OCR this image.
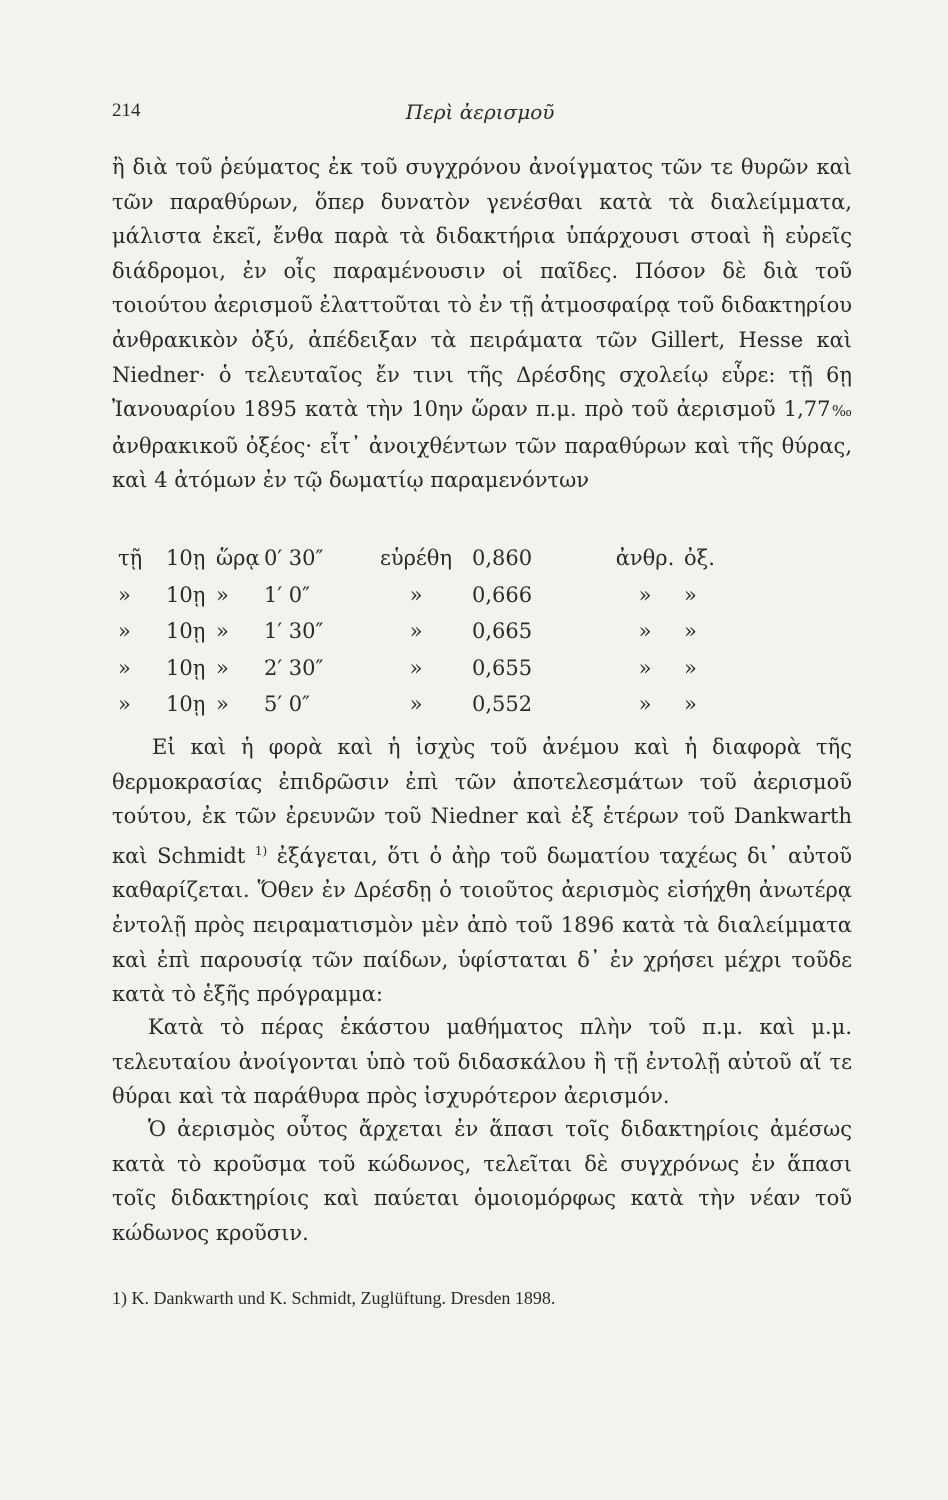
214	Περὶ ἀερισμοῦ

ἢ διὰ τοῦ ῥεύματος ἐκ τοῦ συγχρόνου ἀνοίγματος τῶν τε θυρῶν καὶ τῶν παραθύρων, ὅπερ δυνατὸν γενέσθαι κατὰ τὰ διαλείμματα, μάλιστα ἐκεῖ, ἔνθα παρὰ τὰ διδακτήρια ὑπάρχουσι στοαὶ ἢ εὐρεῖς διάδρομοι, ἐν οἷς παραμένουσιν οἱ παῖδες. Πόσον δὲ διὰ τοῦ τοιούτου ἀερισμοῦ ἐλαττοῦται τὸ ἐν τῇ ἀτμοσφαίρᾳ τοῦ διδακτηρίου ἀνθρακικὸν ὀξύ, ἀπέδειξαν τὰ πειράματα τῶν Gillert, Hesse καὶ Niedner· ὁ τελευταῖος ἔν τινι τῆς Δρέσδης σχολείῳ εὗρε: τῇ 6ῃ Ἰανουαρίου 1895 κατὰ τὴν 10ην ὥραν π.μ. πρὸ τοῦ ἀερισμοῦ 1,77‰ ἀνθρακικοῦ ὀξέος· εἶτ᾽ ἀνοιχθέντων τῶν παραθύρων καὶ τῆς θύρας, καὶ 4 ἀτόμων ἐν τῷ δωματίῳ παραμενόντων

τῇ	10ῃ	ὥρᾳ	0′ 30″	εὑρέθη	0,860	ἀνθρ.	ὀξ.
»	10ῃ	»	1′ 0″	»	0,666	»	»
»	10ῃ	»	1′ 30″	»	0,665	»	»
»	10ῃ	»	2′ 30″	»	0,655	»	»
»	10ῃ	»	5′ 0″	»	0,552	»	»

Εἰ καὶ ἡ φορὰ καὶ ἡ ἰσχὺς τοῦ ἀνέμου καὶ ἡ διαφορὰ τῆς θερμοκρασίας ἐπιδρῶσιν ἐπὶ τῶν ἀποτελεσμάτων τοῦ ἀερισμοῦ τούτου, ἐκ τῶν ἐρευνῶν τοῦ Niedner καὶ ἐξ ἑτέρων τοῦ Dankwarth καὶ Schmidt $^{1)}$ ἐξάγεται, ὅτι ὁ ἀὴρ τοῦ δωματίου ταχέως δι᾽ αὐτοῦ καθαρίζεται. Ὅθεν ἐν Δρέσδῃ ὁ τοιοῦτος ἀερισμὸς εἰσήχθη ἀνωτέρᾳ ἐντολῇ πρὸς πειραματισμὸν μὲν ἀπὸ τοῦ 1896 κατὰ τὰ διαλείμματα καὶ ἐπὶ παρουσίᾳ τῶν παίδων, ὑφίσταται δ᾽ ἐν χρήσει μέχρι τοῦδε κατὰ τὸ ἑξῆς πρόγραμμα:

Κατὰ τὸ πέρας ἑκάστου μαθήματος πλὴν τοῦ π.μ. καὶ μ.μ. τελευταίου ἀνοίγονται ὑπὸ τοῦ διδασκάλου ἢ τῇ ἐντολῇ αὐτοῦ αἵ τε θύραι καὶ τὰ παράθυρα πρὸς ἰσχυρότερον ἀερισμόν.

Ὁ ἀερισμὸς οὗτος ἄρχεται ἐν ἅπασι τοῖς διδακτηρίοις ἀμέσως κατὰ τὸ κροῦσμα τοῦ κώδωνος, τελεῖται δὲ συγχρόνως ἐν ἅπασι τοῖς διδακτηρίοις καὶ παύεται ὁμοιομόρφως κατὰ τὴν νέαν τοῦ κώδωνος κροῦσιν.

1) K. Dankwarth und K. Schmidt, Zuglüftung. Dresden 1898.
